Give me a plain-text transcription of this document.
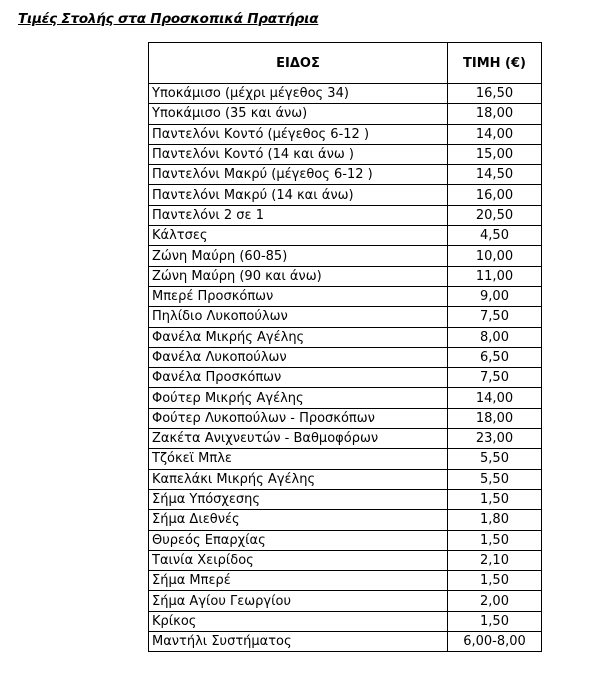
Τιμές Στολής στα Προσκοπικά Πρατήρια
ΕΙΔΟΣ	ΤΙΜΗ (€)
Υποκάμισο (μέχρι μέγεθος 34)	16,50
Υποκάμισο (35 και άνω)	18,00
Παντελόνι Κοντό (μέγεθος 6-12 )	14,00
Παντελόνι Κοντό (14 και άνω )	15,00
Παντελόνι Μακρύ (μέγεθος 6-12 )	14,50
Παντελόνι Μακρύ (14 και άνω)	16,00
Παντελόνι 2 σε 1	20,50
Κάλτσες	4,50
Ζώνη Μαύρη (60-85)	10,00
Ζώνη Μαύρη (90 και άνω)	11,00
Μπερέ Προσκόπων	9,00
Πηλίδιο Λυκοπούλων	7,50
Φανέλα Μικρής Αγέλης	8,00
Φανέλα Λυκοπούλων	6,50
Φανέλα Προσκόπων	7,50
Φούτερ Μικρής Αγέλης	14,00
Φούτερ Λυκοπούλων - Προσκόπων	18,00
Ζακέτα Ανιχνευτών - Βαθμοφόρων	23,00
Τζόκεϊ Μπλε	5,50
Καπελάκι Μικρής Αγέλης	5,50
Σήμα Υπόσχεσης	1,50
Σήμα Διεθνές	1,80
Θυρεός Επαρχίας	1,50
Ταινία Χειρίδος	2,10
Σήμα Μπερέ	1,50
Σήμα Αγίου Γεωργίου	2,00
Κρίκος	1,50
Μαντήλι Συστήματος	6,00-8,00
